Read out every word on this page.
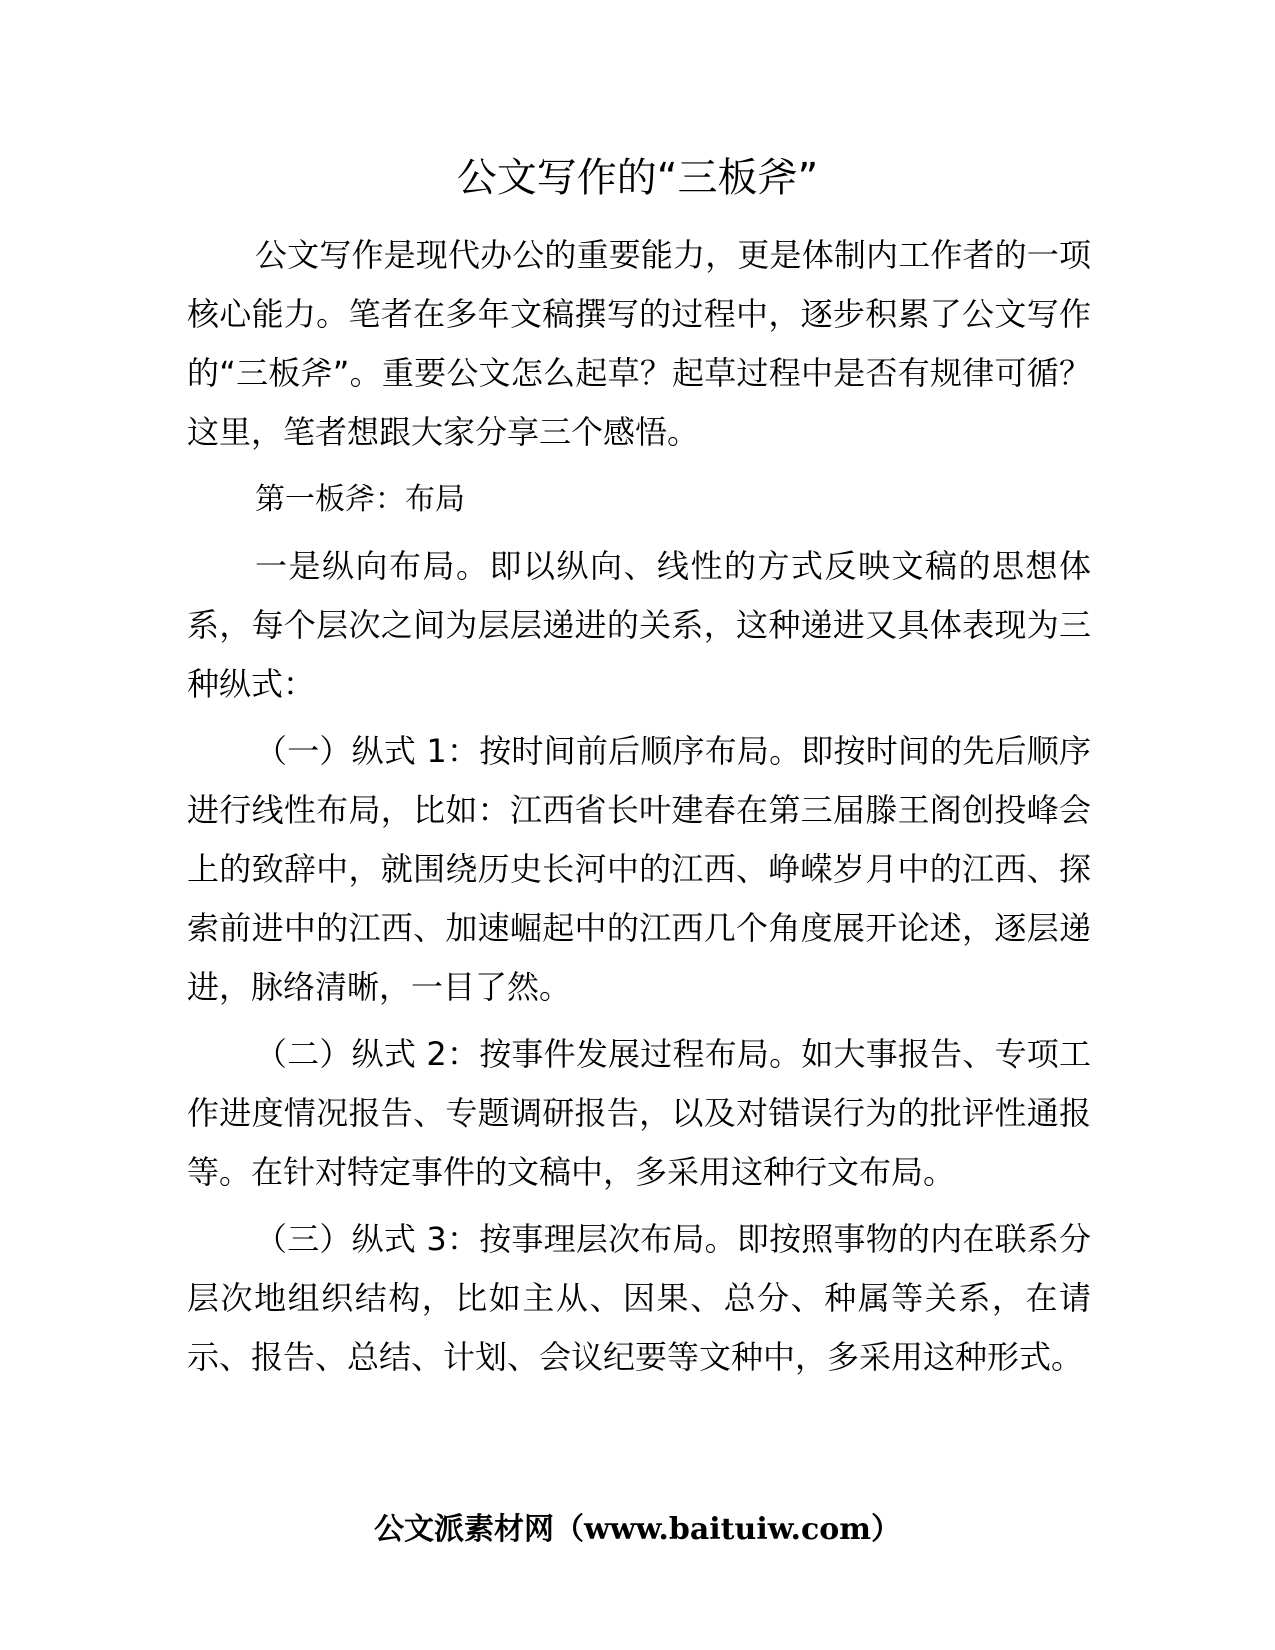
公文写作的“三板斧”

公文写作是现代办公的重要能力，更是体制内工作者的一项核心能力。笔者在多年文稿撰写的过程中，逐步积累了公文写作的“三板斧”。重要公文怎么起草？起草过程中是否有规律可循？这里，笔者想跟大家分享三个感悟。

第一板斧：布局

一是纵向布局。即以纵向、线性的方式反映文稿的思想体系，每个层次之间为层层递进的关系，这种递进又具体表现为三种纵式：

（一）纵式 1：按时间前后顺序布局。即按时间的先后顺序进行线性布局，比如：江西省长叶建春在第三届滕王阁创投峰会上的致辞中，就围绕历史长河中的江西、峥嵘岁月中的江西、探索前进中的江西、加速崛起中的江西几个角度展开论述，逐层递进，脉络清晰，一目了然。

（二）纵式 2：按事件发展过程布局。如大事报告、专项工作进度情况报告、专题调研报告，以及对错误行为的批评性通报等。在针对特定事件的文稿中，多采用这种行文布局。

（三）纵式 3：按事理层次布局。即按照事物的内在联系分层次地组织结构，比如主从、因果、总分、种属等关系，在请示、报告、总结、计划、会议纪要等文种中，多采用这种形式。

公文派素材网（www.baituiw.com）
